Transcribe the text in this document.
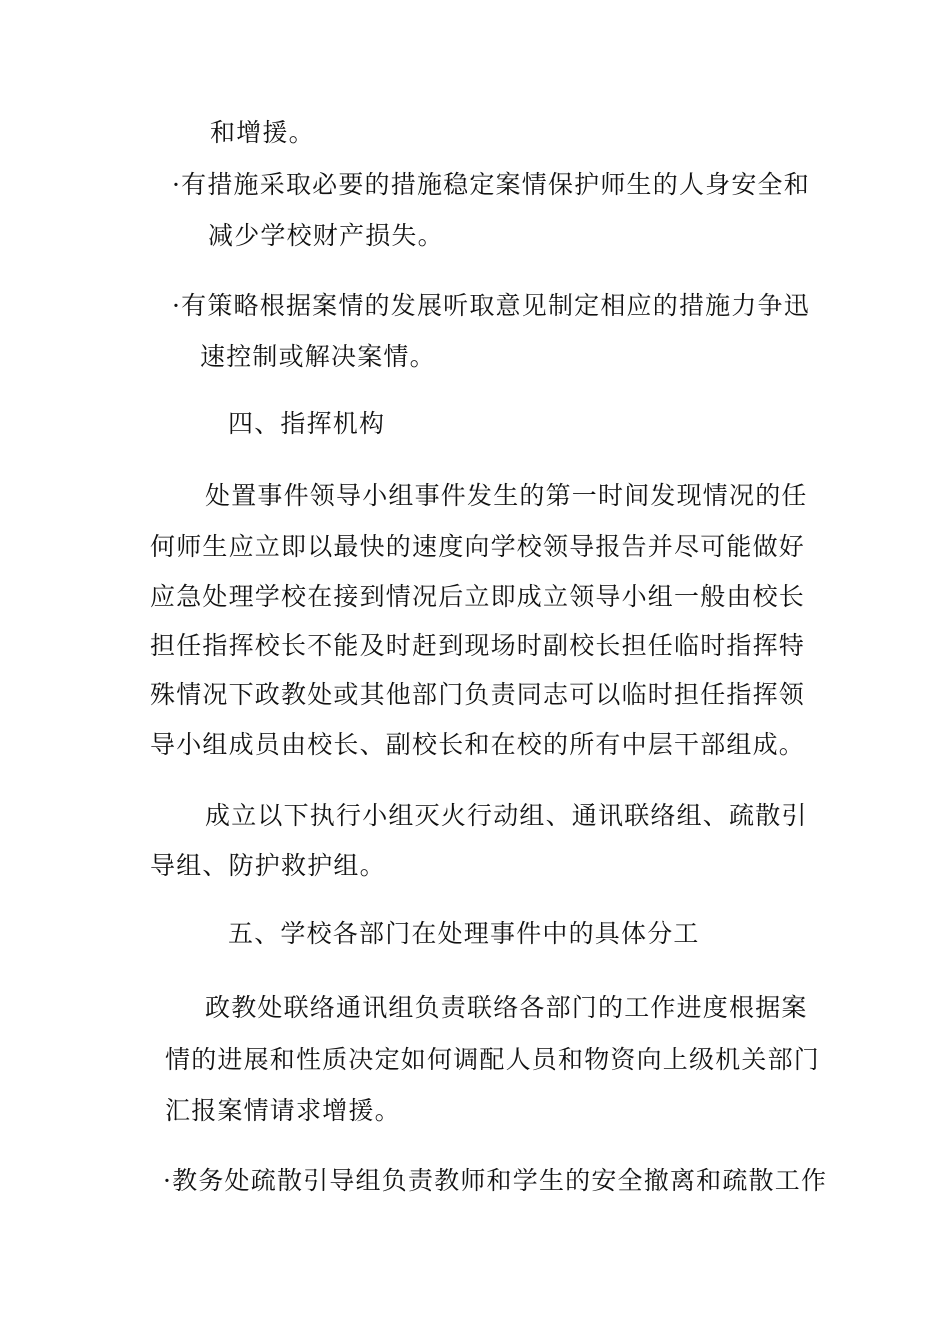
和增援。
·有措施采取必要的措施稳定案情保护师生的人身安全和
减少学校财产损失。
·有策略根据案情的发展听取意见制定相应的措施力争迅
速控制或解决案情。
四、指挥机构
处置事件领导小组事件发生的第一时间发现情况的任
何师生应立即以最快的速度向学校领导报告并尽可能做好
应急处理学校在接到情况后立即成立领导小组一般由校长
担任指挥校长不能及时赶到现场时副校长担任临时指挥特
殊情况下政教处或其他部门负责同志可以临时担任指挥领
导小组成员由校长、副校长和在校的所有中层干部组成。
成立以下执行小组灭火行动组、通讯联络组、疏散引
导组、防护救护组。
五、学校各部门在处理事件中的具体分工
政教处联络通讯组负责联络各部门的工作进度根据案
情的进展和性质决定如何调配人员和物资向上级机关部门
汇报案情请求增援。
·教务处疏散引导组负责教师和学生的安全撤离和疏散工作
